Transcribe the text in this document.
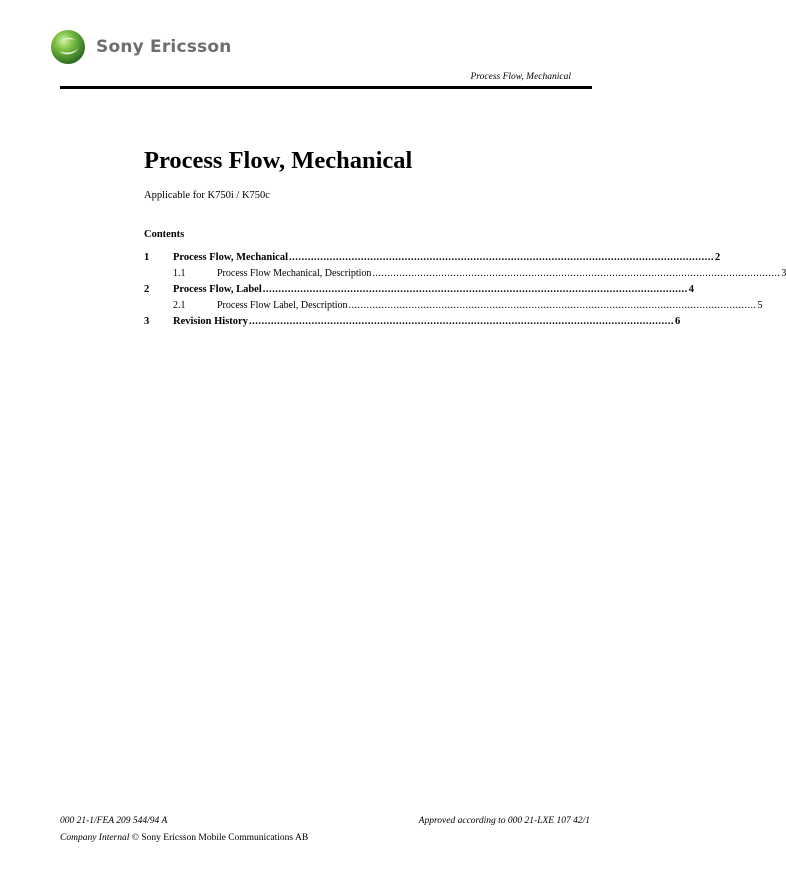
Sony Ericsson
Process Flow, Mechanical
Process Flow, Mechanical
Applicable for K750i / K750c
Contents
1	Process Flow, Mechanical ........................................................................................................................................ 2
1.1	Process Flow Mechanical, Description ........................................................................................................................................ 3
2	Process Flow, Label ........................................................................................................................................ 4
2.1	Process Flow Label, Description ........................................................................................................................................ 5
3	Revision History ........................................................................................................................................ 6
000 21-1/FEA 209 544/94 A	Approved according to 000 21-LXE 107 42/1
Company Internal © Sony Ericsson Mobile Communications AB
